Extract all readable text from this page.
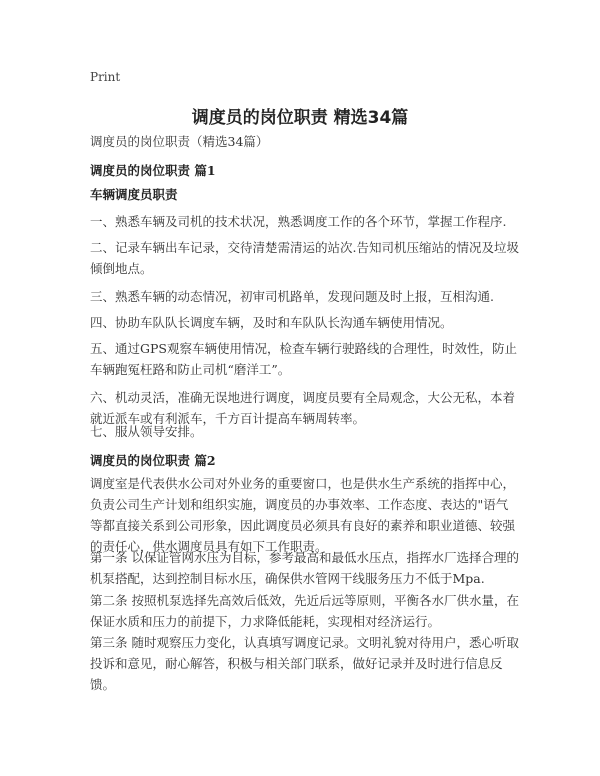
Print
调度员的岗位职责 精选34篇
调度员的岗位职责（精选34篇）
调度员的岗位职责 篇1
车辆调度员职责
一、熟悉车辆及司机的技术状况，熟悉调度工作的各个环节，掌握工作程序.
二、记录车辆出车记录，交待清楚需清运的站次.告知司机压缩站的情况及垃圾倾倒地点。
三、熟悉车辆的动态情况，初审司机路单，发现问题及时上报，互相沟通.
四、协助车队队长调度车辆，及时和车队队长沟通车辆使用情况。
五、通过GPS观察车辆使用情况，检查车辆行驶路线的合理性，时效性，防止车辆跑冤枉路和防止司机“磨洋工”。
六、机动灵活，准确无误地进行调度，调度员要有全局观念，大公无私，本着就近派车或有利派车，千方百计提高车辆周转率。
七、服从领导安排。
调度员的岗位职责 篇2
调度室是代表供水公司对外业务的重要窗口，也是供水生产系统的指挥中心，负责公司生产计划和组织实施，调度员的办事效率、工作态度、表达的"语气等都直接关系到公司形象，因此调度员必须具有良好的素养和职业道德、较强的责任心，供水调度员具有如下工作职责。
第一条 以保证管网水压为目标，参考最高和最低水压点，指挥水厂选择合理的机泵搭配，达到控制目标水压，确保供水管网干线服务压力不低于Mpa.
第二条 按照机泵选择先高效后低效，先近后远等原则，平衡各水厂供水量，在保证水质和压力的前提下，力求降低能耗，实现相对经济运行。
第三条 随时观察压力变化，认真填写调度记录。文明礼貌对待用户，悉心听取投诉和意见，耐心解答，积极与相关部门联系，做好记录并及时进行信息反馈。
